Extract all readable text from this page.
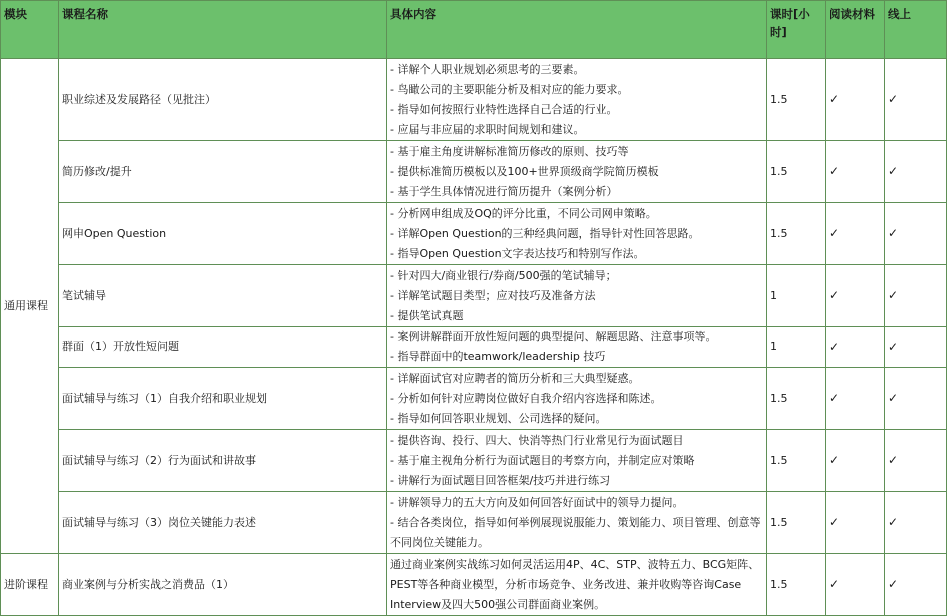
模块	课程名称	具体内容	课时[小时]	阅读材料	线上
通用课程	职业综述及发展路径（见批注）	- 详解个人职业规划必须思考的三要素。
- 鸟瞰公司的主要职能分析及相对应的能力要求。
- 指导如何按照行业特性选择自己合适的行业。
- 应届与非应届的求职时间规划和建议。	1.5	✓	✓
	简历修改/提升	- 基于雇主角度讲解标准简历修改的原则、技巧等
- 提供标准简历模板以及100+世界顶级商学院简历模板
- 基于学生具体情况进行简历提升（案例分析）	1.5	✓	✓
	网申Open Question	- 分析网申组成及OQ的评分比重，不同公司网申策略。
- 详解Open Question的三种经典问题，指导针对性回答思路。
- 指导Open Question文字表达技巧和特别写作法。	1.5	✓	✓
	笔试辅导	- 针对四大/商业银行/券商/500强的笔试辅导；
- 详解笔试题目类型；应对技巧及准备方法
- 提供笔试真题	1	✓	✓
	群面（1）开放性短问题	- 案例讲解群面开放性短问题的典型提问、解题思路、注意事项等。
- 指导群面中的teamwork/leadership 技巧	1	✓	✓
	面试辅导与练习（1）自我介绍和职业规划	- 详解面试官对应聘者的简历分析和三大典型疑惑。
- 分析如何针对应聘岗位做好自我介绍内容选择和陈述。
- 指导如何回答职业规划、公司选择的疑问。	1.5	✓	✓
	面试辅导与练习（2）行为面试和讲故事	- 提供咨询、投行、四大、快消等热门行业常见行为面试题目
- 基于雇主视角分析行为面试题目的考察方向，并制定应对策略
- 讲解行为面试题目回答框架/技巧并进行练习	1.5	✓	✓
	面试辅导与练习（3）岗位关键能力表述	- 讲解领导力的五大方向及如何回答好面试中的领导力提问。
- 结合各类岗位，指导如何举例展现说服能力、策划能力、项目管理、创意等不同岗位关键能力。	1.5	✓	✓
进阶课程	商业案例与分析实战之消费品（1）	通过商业案例实战练习如何灵活运用4P、4C、STP、波特五力、BCG矩阵、PEST等各种商业模型，分析市场竞争、业务改进、兼并收购等咨询Case Interview及四大500强公司群面商业案例。	1.5	✓	✓
